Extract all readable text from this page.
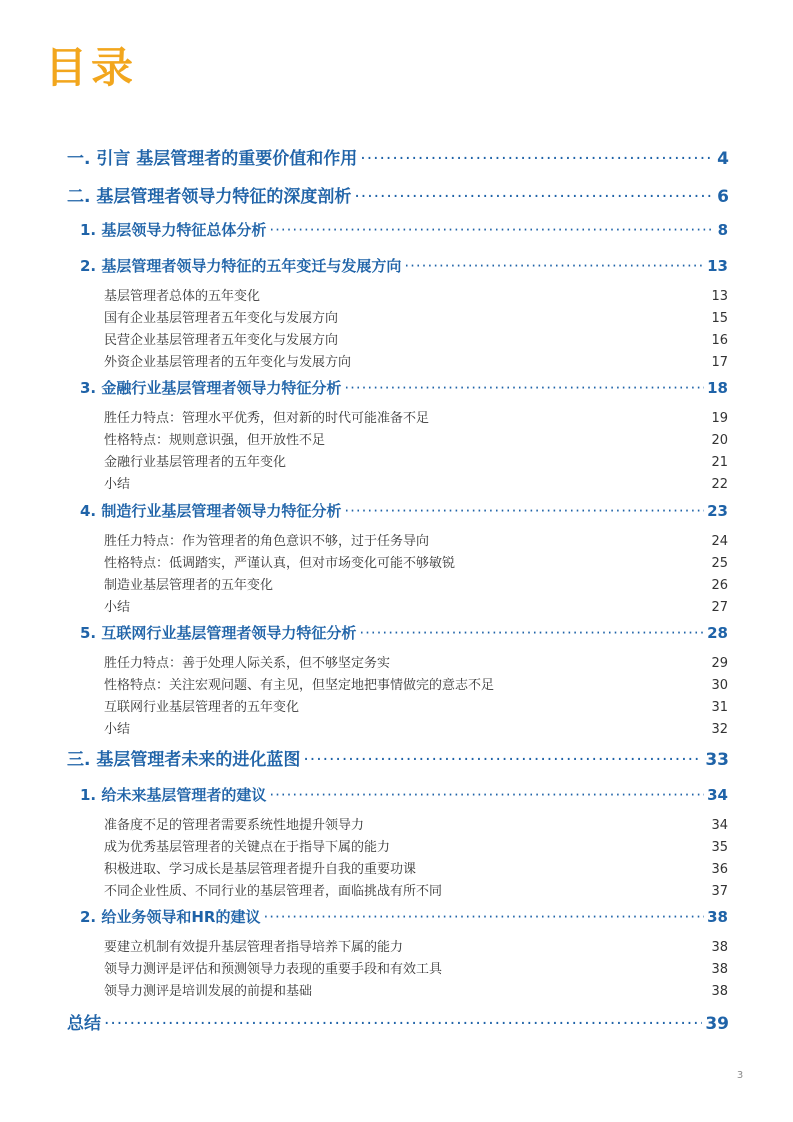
目录
一. 引言 基层管理者的重要价值和作用 ·····	4
二. 基层管理者领导力特征的深度剖析 ·····	6
1. 基层领导力特征总体分析 ·····	8
2. 基层管理者领导力特征的五年变迁与发展方向 ·····	13
基层管理者总体的五年变化	13
国有企业基层管理者五年变化与发展方向	15
民营企业基层管理者五年变化与发展方向	16
外资企业基层管理者的五年变化与发展方向	17
3. 金融行业基层管理者领导力特征分析 ·····	18
胜任力特点：管理水平优秀，但对新的时代可能准备不足	19
性格特点：规则意识强，但开放性不足	20
金融行业基层管理者的五年变化	21
小结	22
4. 制造行业基层管理者领导力特征分析 ·····	23
胜任力特点：作为管理者的角色意识不够，过于任务导向	24
性格特点：低调踏实，严谨认真，但对市场变化可能不够敏锐	25
制造业基层管理者的五年变化	26
小结	27
5. 互联网行业基层管理者领导力特征分析 ·····	28
胜任力特点：善于处理人际关系，但不够坚定务实	29
性格特点：关注宏观问题、有主见，但坚定地把事情做完的意志不足	30
互联网行业基层管理者的五年变化	31
小结	32
三. 基层管理者未来的进化蓝图 ·····	33
1. 给未来基层管理者的建议 ·····	34
准备度不足的管理者需要系统性地提升领导力	34
成为优秀基层管理者的关键点在于指导下属的能力	35
积极进取、学习成长是基层管理者提升自我的重要功课	36
不同企业性质、不同行业的基层管理者，面临挑战有所不同	37
2. 给业务领导和HR的建议 ·····	38
要建立机制有效提升基层管理者指导培养下属的能力	38
领导力测评是评估和预测领导力表现的重要手段和有效工具	38
领导力测评是培训发展的前提和基础	38
总结 ·····	39
3
